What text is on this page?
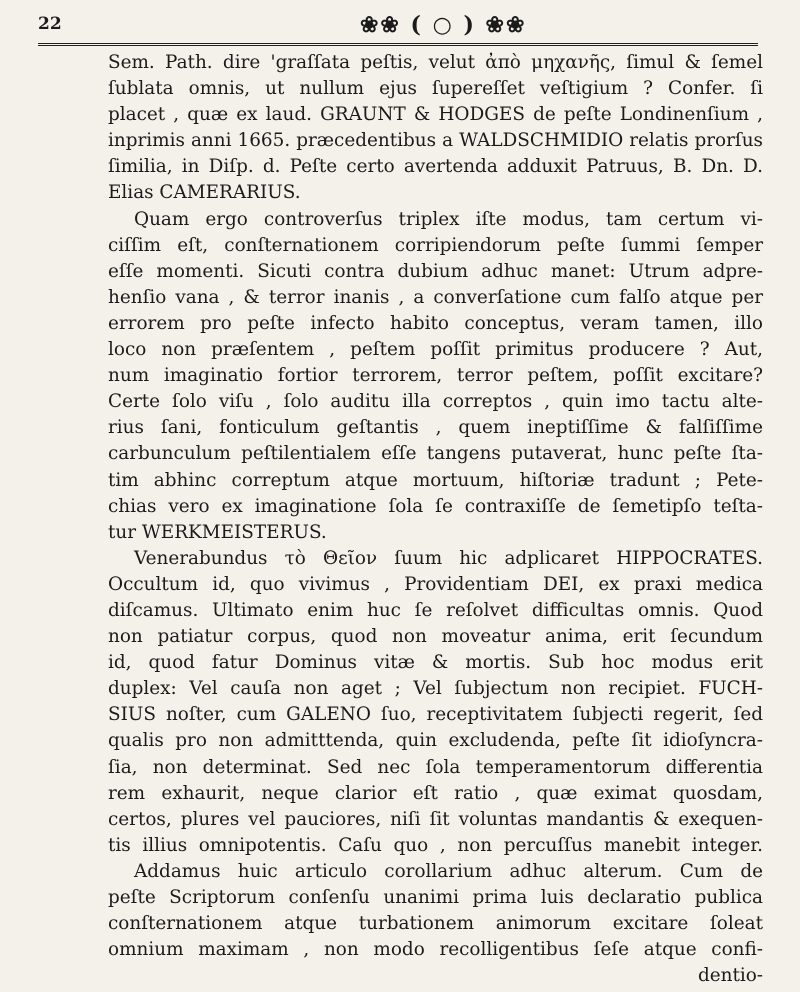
22	❀❀ ( ○ ) ❀❀
Sem. Path. dire 'graſſata peſtis, velut ἀπὸ μηχανῆς, ſimul & ſemel
ſublata omnis, ut nullum ejus ſupereſſet veſtigium ? Confer. ſi
placet , quæ ex laud. GRAUNT & HODGES de peſte Londinenſium ,
inprimis anni 1665. præcedentibus a WALDSCHMIDIO relatis prorſus
ſimilia, in Diſp. d. Peſte certo avertenda adduxit Patruus, B. Dn. D.
Elias CAMERARIUS.
Quam ergo controverſus triplex iſte modus, tam certum vi-
ciſſim eſt, conſternationem corripiendorum peſte ſummi ſemper
eſſe momenti. Sicuti contra dubium adhuc manet: Utrum adpre-
henſio vana , & terror inanis , a converſatione cum falſo atque per
errorem pro peſte infecto habito conceptus, veram tamen, illo
loco non præſentem , peſtem poſſit primitus producere ? Aut,
num imaginatio fortior terrorem, terror peſtem, poſſit excitare?
Certe ſolo viſu , ſolo auditu illa correptos , quin imo tactu alte-
rius ſani, fonticulum geſtantis , quem ineptiſſime & falſiſſime
carbunculum peſtilentialem eſſe tangens putaverat, hunc peſte ſta-
tim abhinc correptum atque mortuum, hiſtoriæ tradunt ; Pete-
chias vero ex imaginatione ſola ſe contraxiſſe de ſemetipſo teſta-
tur WERKMEISTERUS.
Venerabundus τὸ Θεῖον ſuum hic adplicaret HIPPOCRATES.
Occultum id, quo vivimus , Providentiam DEI, ex praxi medica
diſcamus. Ultimato enim huc ſe reſolvet difficultas omnis. Quod
non patiatur corpus, quod non moveatur anima, erit ſecundum
id, quod fatur Dominus vitæ & mortis. Sub hoc modus erit
duplex: Vel cauſa non aget ; Vel ſubjectum non recipiet. FUCH-
SIUS noſter, cum GALENO ſuo, receptivitatem ſubjecti regerit, ſed
qualis pro non admitttenda, quin excludenda, peſte ſit idioſyncra-
ſia, non determinat. Sed nec ſola temperamentorum differentia
rem exhaurit, neque clarior eſt ratio , quæ eximat quosdam,
certos, plures vel pauciores, niſi ſit voluntas mandantis & exequen-
tis illius omnipotentis. Caſu quo , non percuſſus manebit integer.
Addamus huic articulo corollarium adhuc alterum. Cum de
peſte Scriptorum conſenſu unanimi prima luis declaratio publica
conſternationem atque turbationem animorum excitare ſoleat
omnium maximam , non modo recolligentibus ſeſe atque confi-
dentio-
